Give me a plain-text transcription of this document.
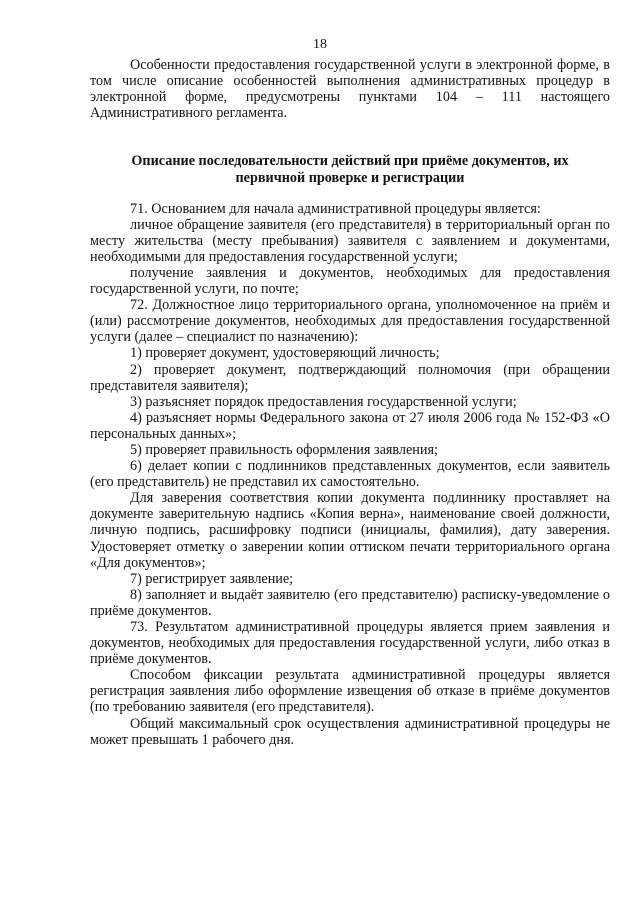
18

Особенности предоставления государственной услуги в электронной форме, в том числе описание особенностей выполнения административных процедур в электронной форме, предусмотрены пунктами 104 – 111 настоящего Административного регламента.

Описание последовательности действий при приёме документов, их
первичной проверке и регистрации

71. Основанием для начала административной процедуры является:

личное обращение заявителя (его представителя) в территориальный орган по месту жительства (месту пребывания) заявителя с заявлением и документами, необходимыми для предоставления государственной услуги;

получение заявления и документов, необходимых для предоставления государственной услуги, по почте;

72. Должностное лицо территориального органа, уполномоченное на приём и (или) рассмотрение документов, необходимых для предоставления государственной услуги (далее – специалист по назначению):

1) проверяет документ, удостоверяющий личность;

2) проверяет документ, подтверждающий полномочия (при обращении представителя заявителя);

3) разъясняет порядок предоставления государственной услуги;

4) разъясняет нормы Федерального закона от 27 июля 2006 года № 152-ФЗ «О персональных данных»;

5) проверяет правильность оформления заявления;

6) делает копии с подлинников представленных документов, если заявитель (его представитель) не представил их самостоятельно.

Для заверения соответствия копии документа подлиннику проставляет на документе заверительную надпись «Копия верна», наименование своей должности, личную подпись, расшифровку подписи (инициалы, фамилия), дату заверения. Удостоверяет отметку о заверении копии оттиском печати территориального органа «Для документов»;

7) регистрирует заявление;

8) заполняет и выдаёт заявителю (его представителю) расписку-уведомление о приёме документов.

73. Результатом административной процедуры является прием заявления и документов, необходимых для предоставления государственной услуги, либо отказ в приёме документов.

Способом фиксации результата административной процедуры является регистрация заявления либо оформление извещения об отказе в приёме документов (по требованию заявителя (его представителя).

Общий максимальный срок осуществления административной процедуры не может превышать 1 рабочего дня.
